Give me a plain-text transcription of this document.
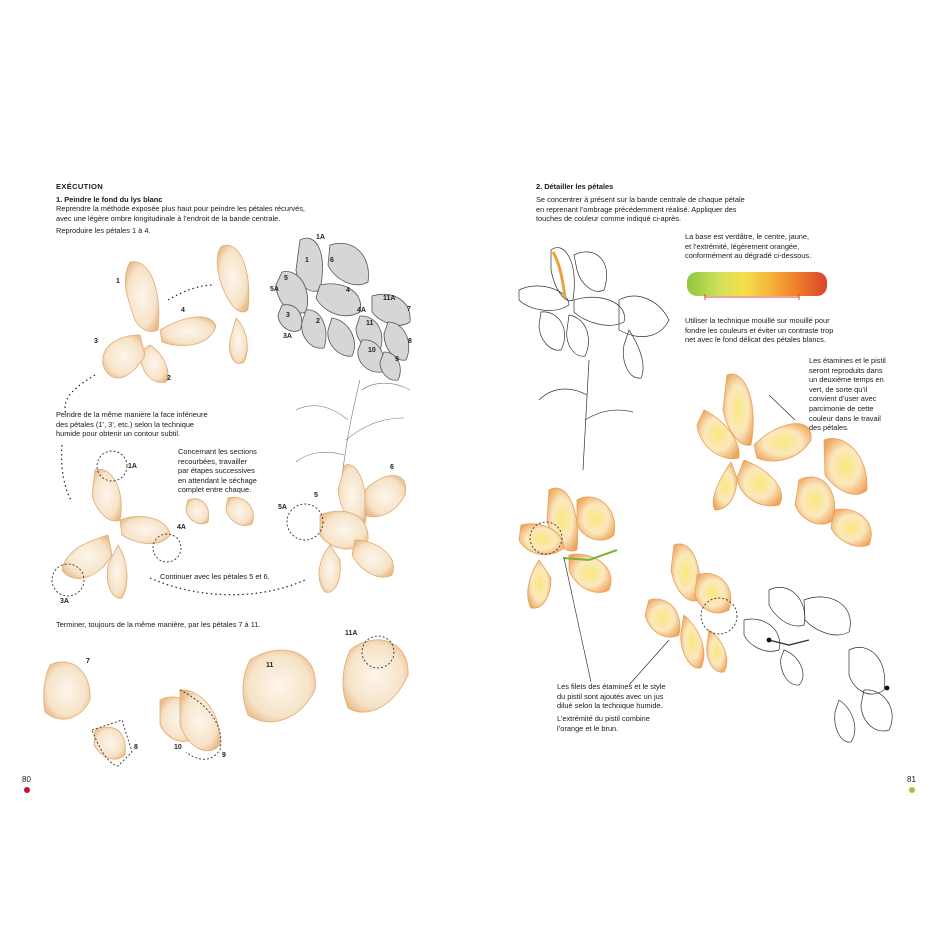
EXÉCUTION
1. Peindre le fond du lys blanc
Reprendre la méthode exposée plus haut pour peindre les pétales récurvés,
avec une légère ombre longitudinale à l’endroit de la bande centrale.
Reproduire les pétales 1 à 4.
1
4
3
2
1A
1	6
5
5A	4
11A
4A	7
3
2	11
3A
8
10
9
Peindre de la même manière la face inférieure
des pétales (1’, 3’, etc.) selon la technique
humide pour obtenir un contour subtil.
Concernant les sections
recourbées, travailler
par étapes successives
en attendant le séchage
complet entre chaque.
1A
4A
3A
5A
5
6
Continuer avec les pétales 5 et 6.
Terminer, toujours de la même manière, par les pétales 7 à 11.
7
8	10
9
11
11A
80
2. Détailler les pétales
Se concentrer à présent sur la bande centrale de chaque pétale
en reprenant l’ombrage précédemment réalisé. Appliquer des
touches de couleur comme indiqué ci-après.
La base est verdâtre, le centre, jaune,
et l’extrémité, légèrement orangée,
conformément au dégradé ci-dessous.
Utiliser la technique mouillé sur mouillé pour
fondre les couleurs et éviter un contraste trop
net avec le fond délicat des pétales blancs.
Les étamines et le pistil
seront reproduits dans
un deuxième temps en
vert, de sorte qu’il
convient d’user avec
parcimonie de cette
couleur dans le travail
des pétales.
Les filets des étamines et le style
du pistil sont ajoutés avec un jus
dilué selon la technique humide.
L’extrémité du pistil combine
l’orange et le brun.
81
